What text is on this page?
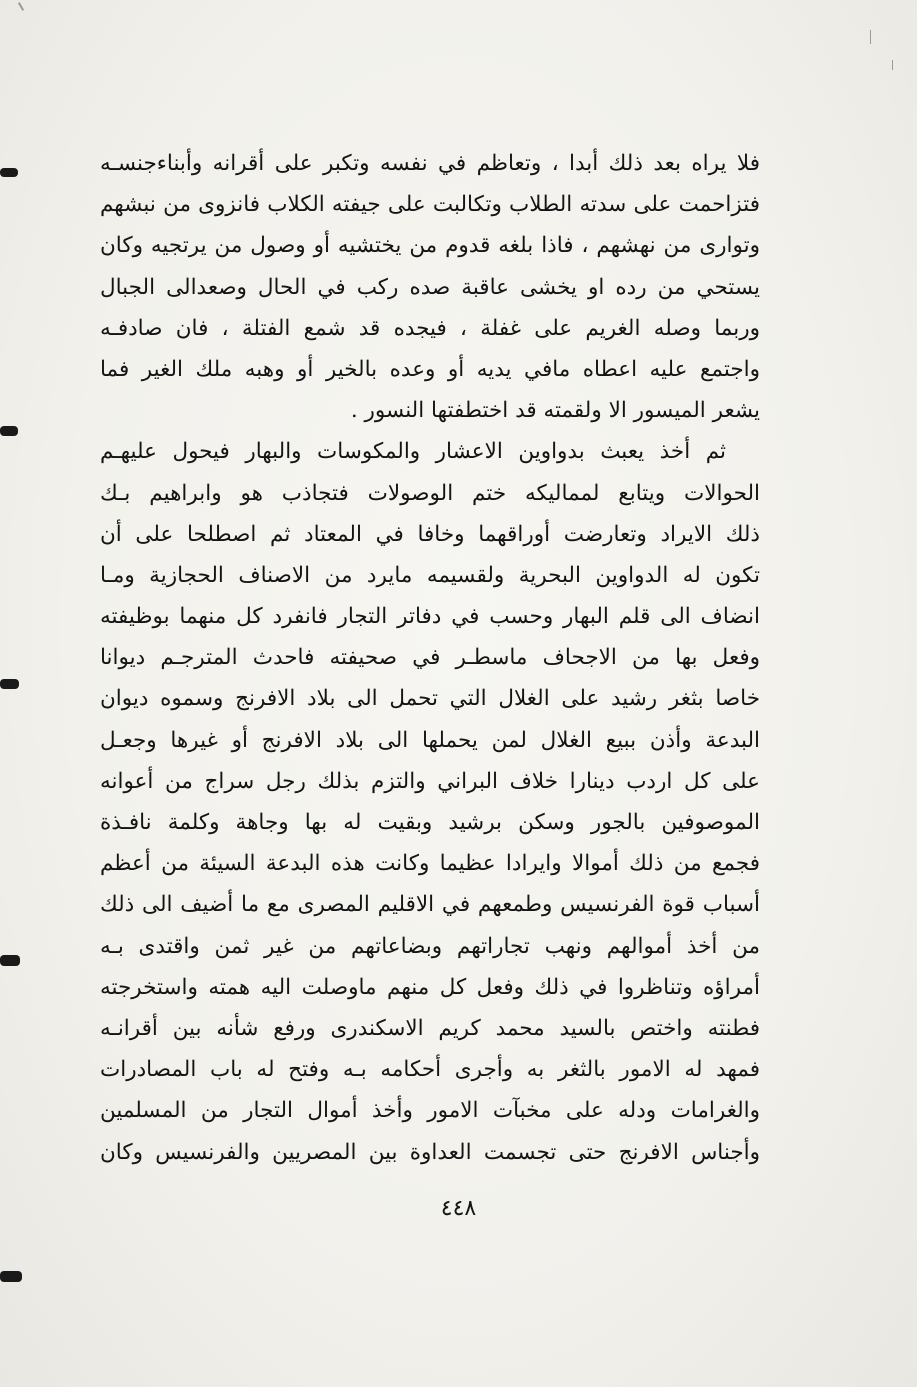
فلا يراه بعد ذلك أبدا ، وتعاظم في نفسه وتكبر على أقرانه وأبناءجنسـه
فتزاحمت على سدته الطلاب وتكالبت على جيفته الكلاب فانزوى من نبشهم
وتوارى من نهشهم ، فاذا بلغه قدوم من يختشيه أو وصول من يرتجيه وكان
يستحي من رده او يخشى عاقبة صده ركب في الحال وصعدالى الجبال
وربما وصله الغريم على غفلة ، فيجده قد شمع الفتلة ، فان صادفـه
واجتمع عليه اعطاه مافي يديه أو وعده بالخير أو وهبه ملك الغير فما
يشعر الميسور الا ولقمته قد اختطفتها النسور .
ثم أخذ يعبث بدواوين الاعشار والمكوسات والبهار فيحول عليهـم
الحوالات ويتابع لمماليكه ختم الوصولات فتجاذب هو وابراهيم بـك
ذلك الايراد وتعارضت أوراقهما وخافا في المعتاد ثم اصطلحا على أن
تكون له الدواوين البحرية ولقسيمه مايرد من الاصناف الحجازية ومـا
انضاف الى قلم البهار وحسب في دفاتر التجار فانفرد كل منهما بوظيفته
وفعل بها من الاجحاف ماسطـر في صحيفته فاحدث المترجـم ديوانا
خاصا بثغر رشيد على الغلال التي تحمل الى بلاد الافرنج وسموه ديوان
البدعة وأذن ببيع الغلال لمن يحملها الى بلاد الافرنج أو غيرها وجعـل
على كل اردب دينارا خلاف البراني والتزم بذلك رجل سراج من أعوانه
الموصوفين بالجور وسكن برشيد وبقيت له بها وجاهة وكلمة نافـذة
فجمع من ذلك أموالا وايرادا عظيما وكانت هذه البدعة السيئة من أعظم
أسباب قوة الفرنسيس وطمعهم في الاقليم المصرى مع ما أضيف الى ذلك
من أخذ أموالهم ونهب تجاراتهم وبضاعاتهم من غير ثمن واقتدى بـه
أمراؤه وتناظروا في ذلك وفعل كل منهم ماوصلت اليه همته واستخرجته
فطنته واختص بالسيد محمد كريم الاسكندرى ورفع شأنه بين أقرانـه
فمهد له الامور بالثغر به وأجرى أحكامه بـه وفتح له باب المصادرات
والغرامات ودله على مخبآت الامور وأخذ أموال التجار من المسلمين
وأجناس الافرنج حتى تجسمت العداوة بين المصريين والفرنسيس وكان
٤٤٨
